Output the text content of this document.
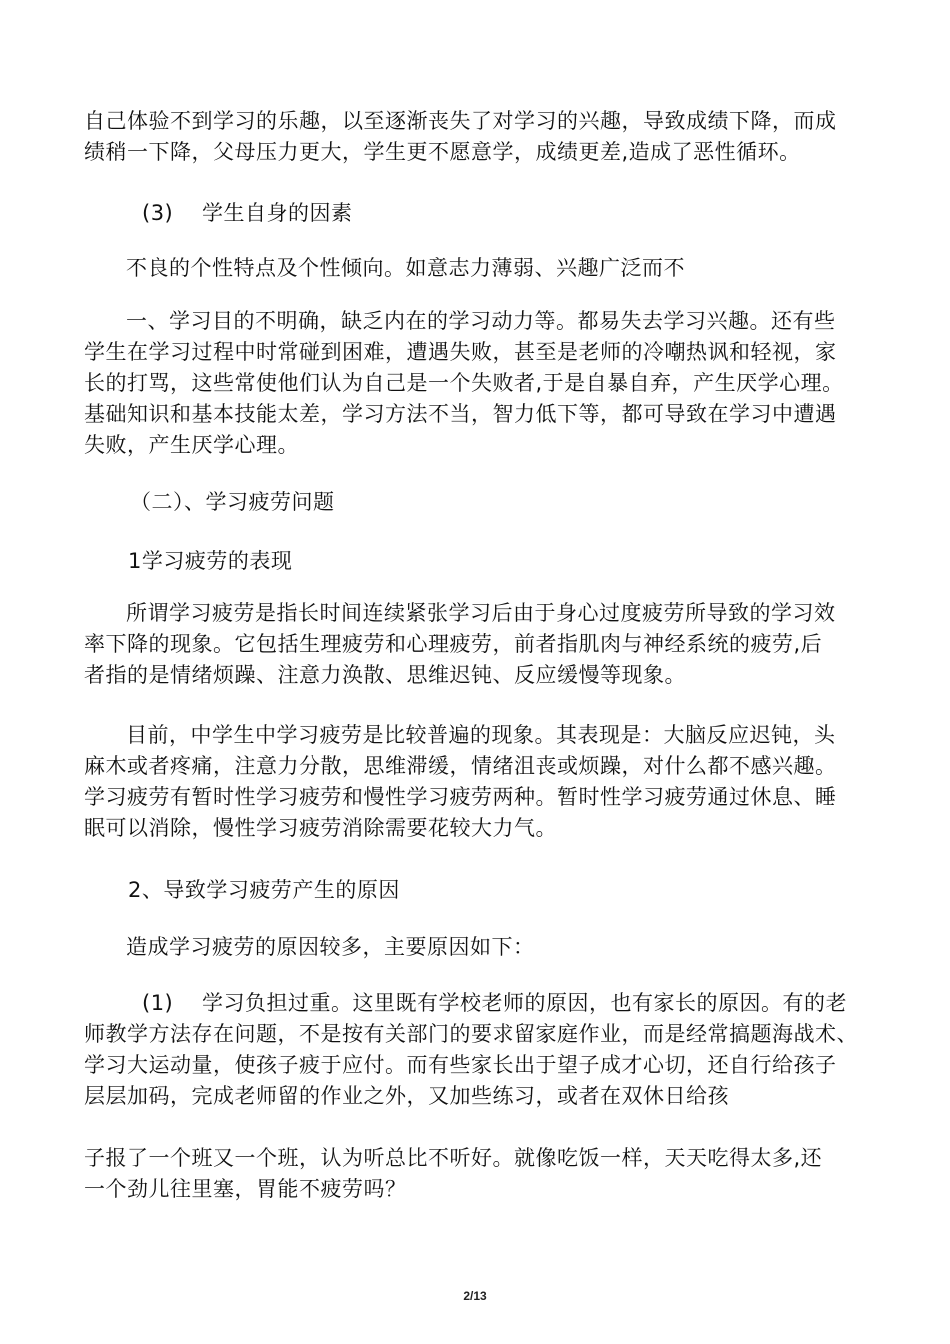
自己体验不到学习的乐趣，以至逐渐丧失了对学习的兴趣，导致成绩下降，而成
绩稍一下降，父母压力更大，学生更不愿意学，成绩更差,造成了恶性循环。

(3)    学生自身的因素

不良的个性特点及个性倾向。如意志力薄弱、兴趣广泛而不

一、学习目的不明确，缺乏内在的学习动力等。都易失去学习兴趣。还有些
学生在学习过程中时常碰到困难，遭遇失败，甚至是老师的冷嘲热讽和轻视，家
长的打骂，这些常使他们认为自己是一个失败者,于是自暴自弃，产生厌学心理。
基础知识和基本技能太差，学习方法不当，智力低下等，都可导致在学习中遭遇
失败，产生厌学心理。

（二）、学习疲劳问题

1学习疲劳的表现

所谓学习疲劳是指长时间连续紧张学习后由于身心过度疲劳所导致的学习效
率下降的现象。它包括生理疲劳和心理疲劳，前者指肌肉与神经系统的疲劳,后
者指的是情绪烦躁、注意力涣散、思维迟钝、反应缓慢等现象。

目前，中学生中学习疲劳是比较普遍的现象。其表现是：大脑反应迟钝，头
麻木或者疼痛，注意力分散，思维滞缓，情绪沮丧或烦躁，对什么都不感兴趣。
学习疲劳有暂时性学习疲劳和慢性学习疲劳两种。暂时性学习疲劳通过休息、睡
眠可以消除，慢性学习疲劳消除需要花较大力气。

2、导致学习疲劳产生的原因

造成学习疲劳的原因较多，主要原因如下：

(1)    学习负担过重。这里既有学校老师的原因，也有家长的原因。有的老
师教学方法存在问题，不是按有关部门的要求留家庭作业，而是经常搞题海战术、
学习大运动量，使孩子疲于应付。而有些家长出于望子成才心切，还自行给孩子
层层加码，完成老师留的作业之外，又加些练习，或者在双休日给孩

子报了一个班又一个班，认为听总比不听好。就像吃饭一样，天天吃得太多,还
一个劲儿往里塞，胃能不疲劳吗？

2/13
